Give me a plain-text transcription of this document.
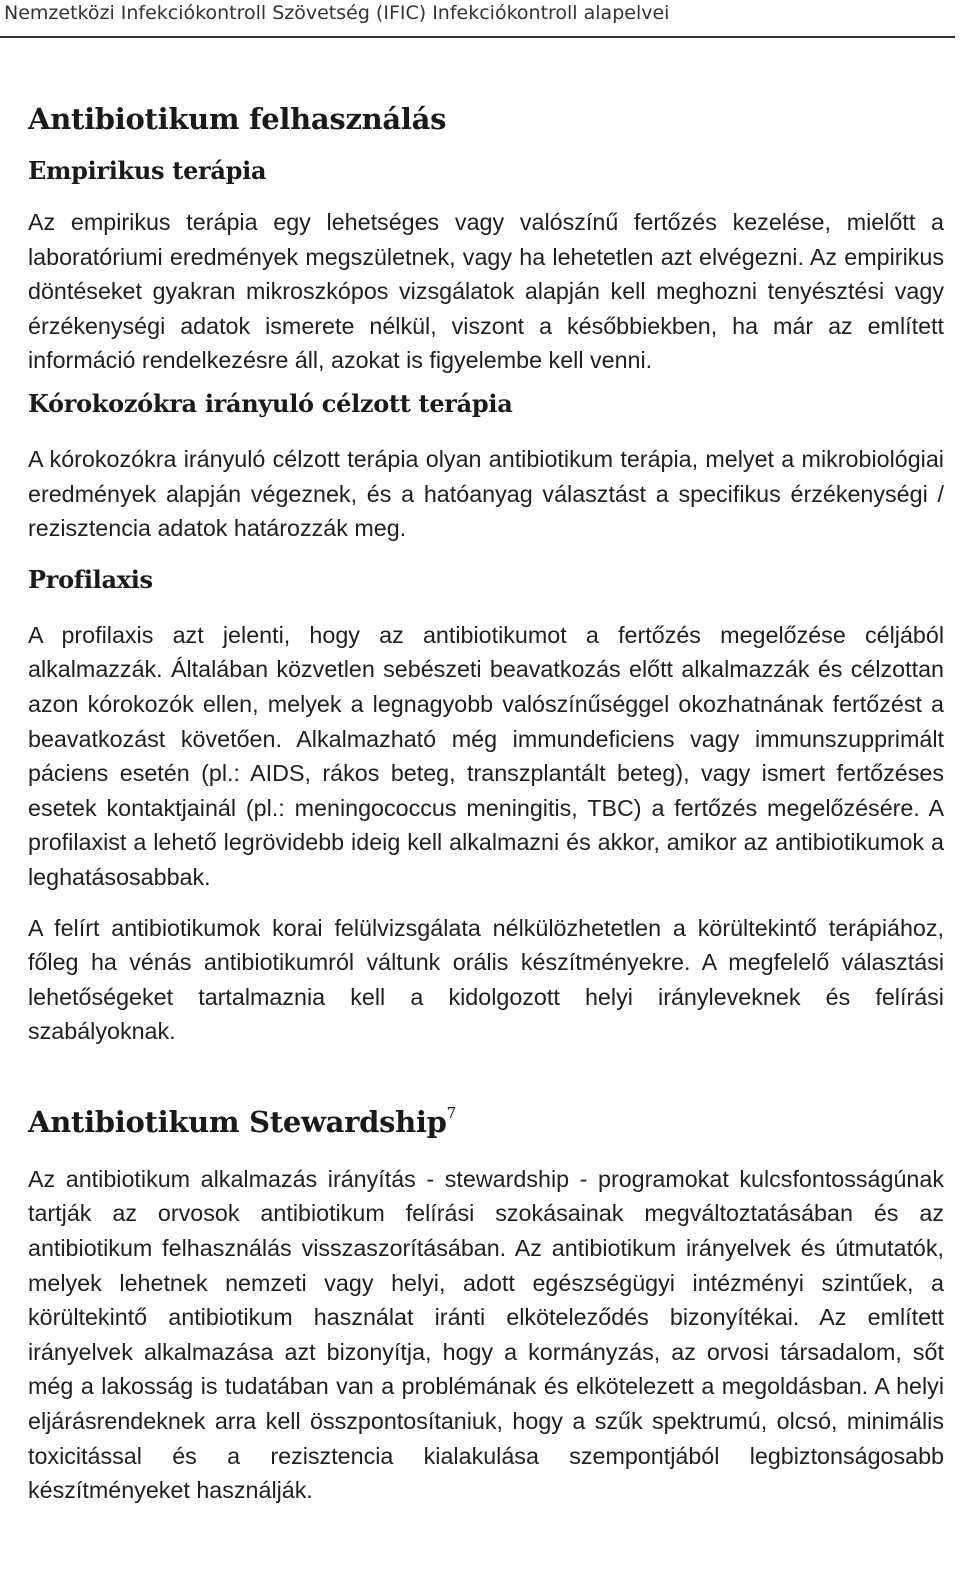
Nemzetközi Infekciókontroll Szövetség (IFIC) Infekciókontroll alapelvei
Antibiotikum felhasználás
Empirikus terápia

Az empirikus terápia egy lehetséges vagy valószínű fertőzés kezelése, mielőtt a laboratóriumi eredmények megszületnek, vagy ha lehetetlen azt elvégezni. Az empirikus döntéseket gyakran mikroszkópos vizsgálatok alapján kell meghozni tenyésztési vagy érzékenységi adatok ismerete nélkül, viszont a későbbiekben, ha már az említett információ rendelkezésre áll, azokat is figyelembe kell venni.

Kórokozókra irányuló célzott terápia

A kórokozókra irányuló célzott terápia olyan antibiotikum terápia, melyet a mikrobiológiai eredmények alapján végeznek, és a hatóanyag választást a specifikus érzékenységi / rezisztencia adatok határozzák meg.

Profilaxis

A profilaxis azt jelenti, hogy az antibiotikumot a fertőzés megelőzése céljából alkalmazzák. Általában közvetlen sebészeti beavatkozás előtt alkalmazzák és célzottan azon kórokozók ellen, melyek a legnagyobb valószínűséggel okozhatnának fertőzést a beavatkozást követően. Alkalmazható még immundeficiens vagy immunszupprimált páciens esetén (pl.: AIDS, rákos beteg, transzplantált beteg), vagy ismert fertőzéses esetek kontaktjainál (pl.: meningococcus meningitis, TBC) a fertőzés megelőzésére. A profilaxist a lehető legrövidebb ideig kell alkalmazni és akkor, amikor az antibiotikumok a leghatásosabbak.

A felírt antibiotikumok korai felülvizsgálata nélkülözhetetlen a körültekintő terápiához, főleg ha vénás antibiotikumról váltunk orális készítményekre. A megfelelő választási lehetőségeket tartalmaznia kell a kidolgozott helyi irányleveknek és felírási szabályoknak.

Antibiotikum Stewardship$^7$

Az antibiotikum alkalmazás irányítás - stewardship - programokat kulcsfontosságúnak tartják az orvosok antibiotikum felírási szokásainak megváltoztatásában és az antibiotikum felhasználás visszaszorításában. Az antibiotikum irányelvek és útmutatók, melyek lehetnek nemzeti vagy helyi, adott egészségügyi intézményi szintűek, a körültekintő antibiotikum használat iránti elköteleződés bizonyítékai. Az említett irányelvek alkalmazása azt bizonyítja, hogy a kormányzás, az orvosi társadalom, sőt még a lakosság is tudatában van a problémának és elkötelezett a megoldásban. A helyi eljárásrendeknek arra kell összpontosítaniuk, hogy a szűk spektrumú, olcsó, minimális toxicitással és a rezisztencia kialakulása szempontjából legbiztonságosabb készítményeket használják.
